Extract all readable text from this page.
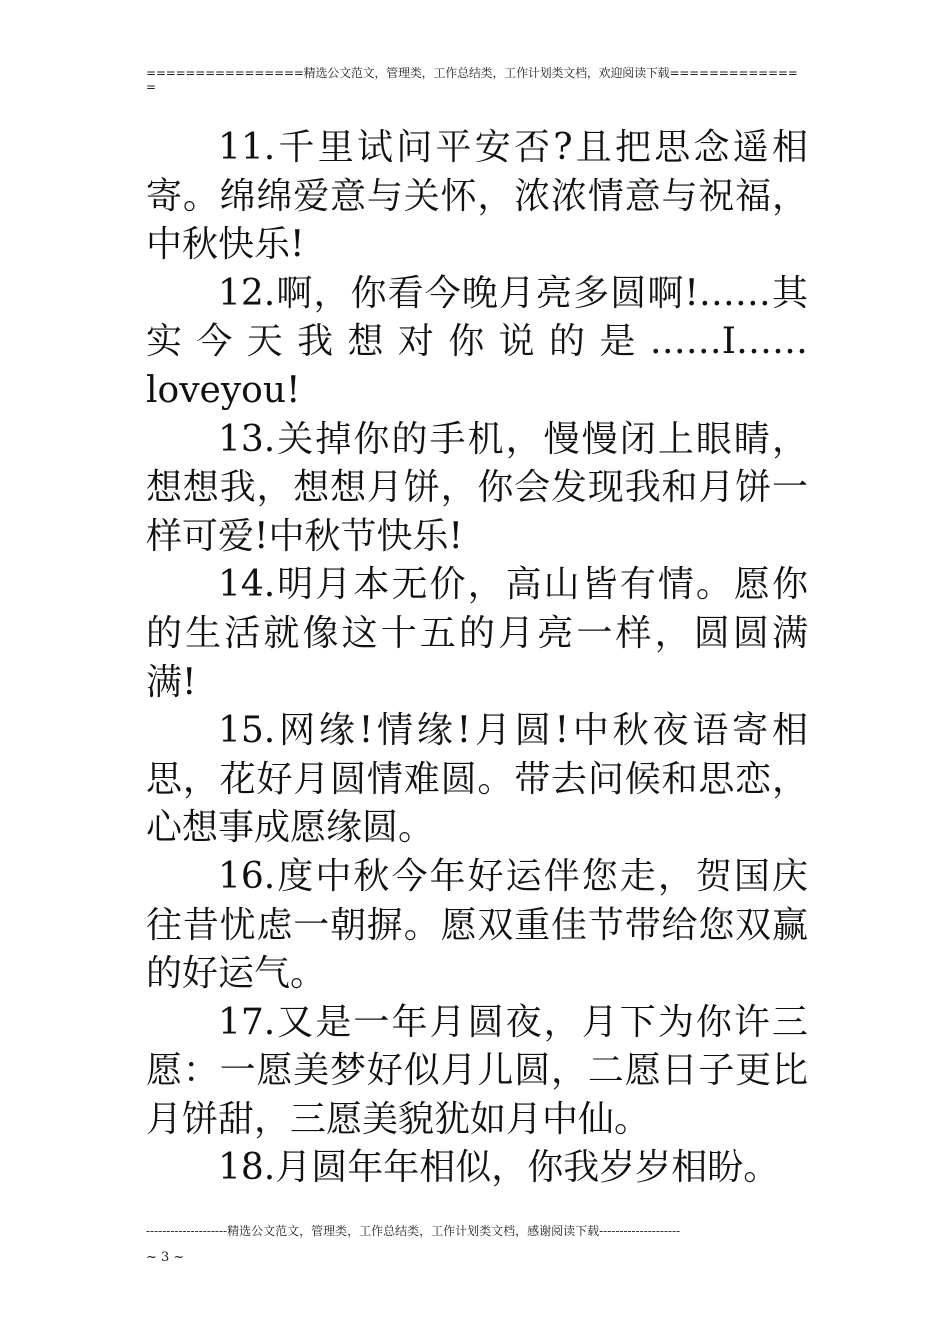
================精选公文范文，管理类，工作总结类，工作计划类文档，欢迎阅读下载=============
=

11.千里试问平安否?且把思念遥相寄。绵绵爱意与关怀，浓浓情意与祝福，中秋快乐!

12.啊，你看今晚月亮多圆啊!……其实今天我想对你说的是……I……loveyou!

13.关掉你的手机，慢慢闭上眼睛，想想我，想想月饼，你会发现我和月饼一样可爱!中秋节快乐!

14.明月本无价，高山皆有情。愿你的生活就像这十五的月亮一样，圆圆满满!

15.网缘!情缘!月圆!中秋夜语寄相思，花好月圆情难圆。带去问候和思恋，心想事成愿缘圆。

16.度中秋今年好运伴您走，贺国庆往昔忧虑一朝摒。愿双重佳节带给您双赢的好运气。

17.又是一年月圆夜，月下为你许三愿：一愿美梦好似月儿圆，二愿日子更比月饼甜，三愿美貌犹如月中仙。

18.月圆年年相似，你我岁岁相盼。

--------------------精选公文范文，管理类，工作总结类，工作计划类文档，感谢阅读下载--------------------
~ 3 ~
